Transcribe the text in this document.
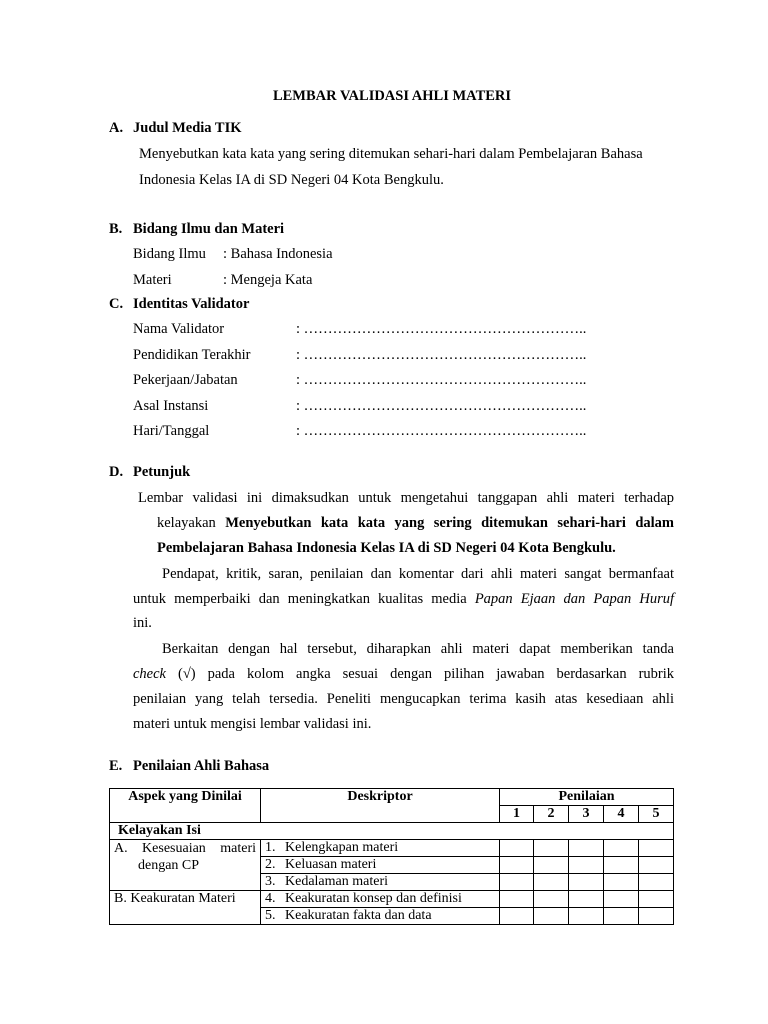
LEMBAR VALIDASI AHLI MATERI
A. Judul Media TIK
Menyebutkan kata kata yang sering ditemukan sehari-hari dalam Pembelajaran Bahasa
Indonesia Kelas IA di SD Negeri 04 Kota Bengkulu.
B. Bidang Ilmu dan Materi
Bidang Ilmu : Bahasa Indonesia
Materi	: Mengeja Kata
C. Identitas Validator
Nama Validator	: …………………………………………………..
Pendidikan Terakhir	: …………………………………………………..
Pekerjaan/Jabatan	: …………………………………………………..
Asal Instansi	: …………………………………………………..
Hari/Tanggal	: …………………………………………………..
D. Petunjuk
Lembar validasi ini dimaksudkan untuk mengetahui tanggapan ahli materi terhadap
kelayakan Menyebutkan kata kata yang sering ditemukan sehari-hari dalam
Pembelajaran Bahasa Indonesia Kelas IA di SD Negeri 04 Kota Bengkulu.
Pendapat, kritik, saran, penilaian dan komentar dari ahli materi sangat bermanfaat
untuk memperbaiki dan meningkatkan kualitas media Papan Ejaan dan Papan Huruf
ini.
Berkaitan dengan hal tersebut, diharapkan ahli materi dapat memberikan tanda
check (√) pada kolom angka sesuai dengan pilihan jawaban berdasarkan rubrik
penilaian yang telah tersedia. Peneliti mengucapkan terima kasih atas kesediaan ahli
materi untuk mengisi lembar validasi ini.
E. Penilaian Ahli Bahasa
Aspek yang Dinilai	Deskriptor	Penilaian				
		1	2	3	4	5
Kelayakan Isi						

A. Kesesuaian materi
dengan CP	1. Kelengkapan materi					
	2. Keluasan materi					
	3. Kedalaman materi					
B. Keakuratan Materi	4. Keakuratan konsep dan definisi					
	5. Keakuratan fakta dan data					
